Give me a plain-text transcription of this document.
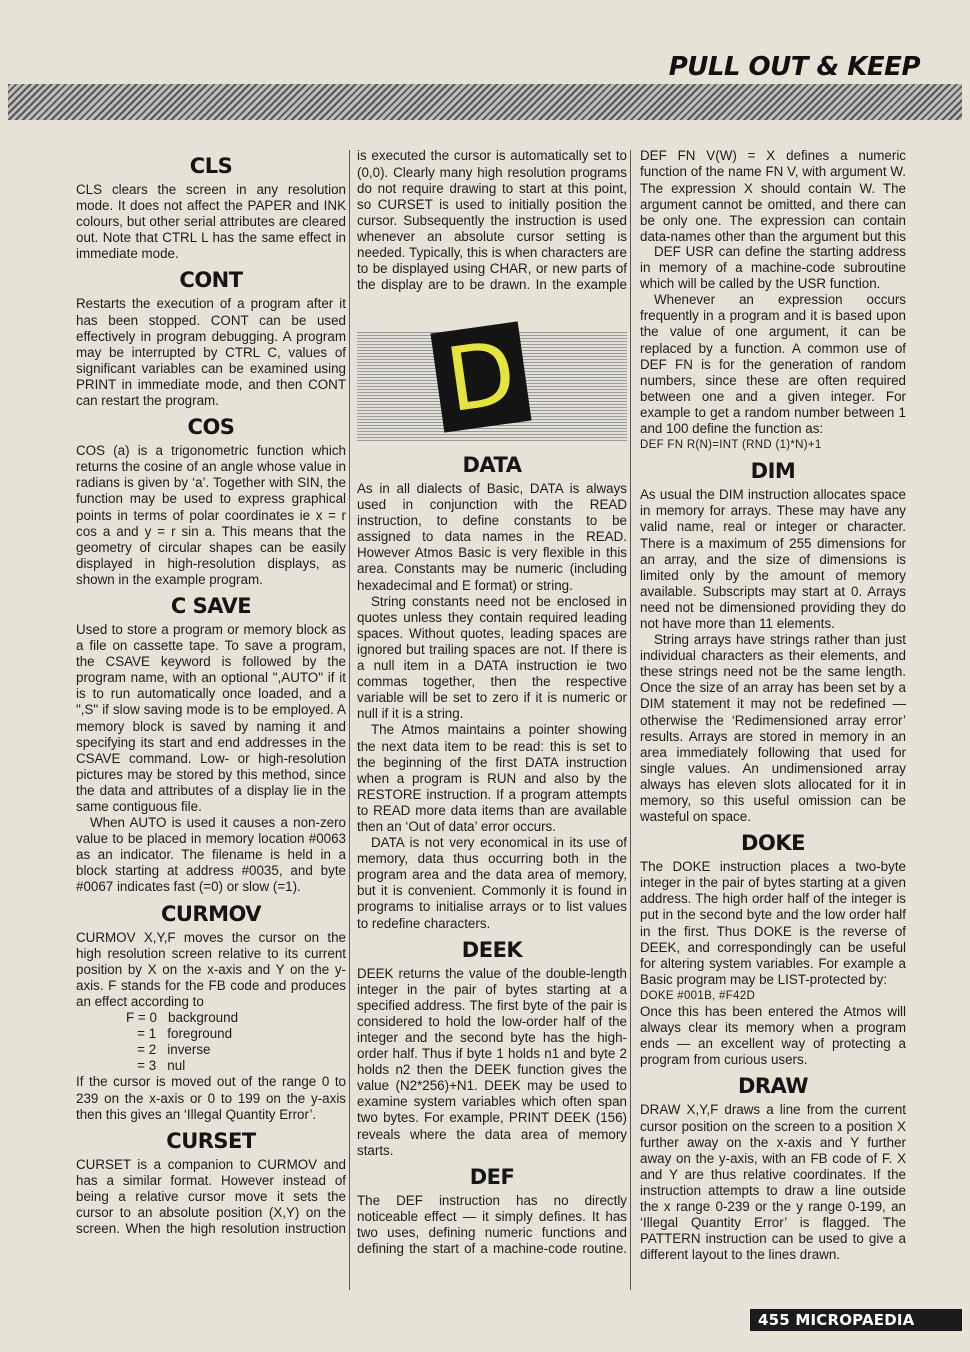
PULL OUT & KEEP
CLS

CLS clears the screen in any resolution mode. It does not affect the PAPER and INK colours, but other serial attributes are cleared out. Note that CTRL L has the same effect in immediate mode.

CONT

Restarts the execution of a program after it has been stopped. CONT can be used effectively in program debugging. A program may be interrupted by CTRL C, values of significant variables can be examined using PRINT in immediate mode, and then CONT can restart the program.

COS

COS (a) is a trigonometric function which returns the cosine of an angle whose value in radians is given by ‘a’. Together with SIN, the function may be used to express graphical points in terms of polar coordinates ie x = r cos a and y = r sin a. This means that the geometry of circular shapes can be easily displayed in high-resolution displays, as shown in the example program.

C SAVE

Used to store a program or memory block as a file on cassette tape. To save a program, the CSAVE keyword is followed by the program name, with an optional ",AUTO" if it is to run automatically once loaded, and a ",S" if slow saving mode is to be employed. A memory block is saved by naming it and specifying its start and end addresses in the CSAVE command. Low- or high-resolution pictures may be stored by this method, since the data and attributes of a display lie in the same contiguous file.

When AUTO is used it causes a non-zero value to be placed in memory location #0063 as an indicator. The filename is held in a block starting at address #0035, and byte #0067 indicates fast (=0) or slow (=1).

CURMOV

CURMOV X,Y,F moves the cursor on the high resolution screen relative to its current position by X on the x-axis and Y on the y-axis. F stands for the FB code and produces an effect according to

F = 0   background
= 1   foreground
= 2   inverse
= 3   nul

If the cursor is moved out of the range 0 to 239 on the x-axis or 0 to 199 on the y-axis then this gives an ‘Illegal Quantity Error’.

CURSET

CURSET is a companion to CURMOV and has a similar format. However instead of being a relative cursor move it sets the cursor to an absolute position (X,Y) on the screen. When the high resolution instruction

is executed the cursor is automatically set to (0,0). Clearly many high resolution programs do not require drawing to start at this point, so CURSET is used to initially position the cursor. Subsequently the instruction is used whenever an absolute cursor setting is needed. Typically, this is when characters are to be displayed using CHAR, or new parts of the display are to be drawn. In the example

D
DATA

As in all dialects of Basic, DATA is always used in conjunction with the READ instruction, to define constants to be assigned to data names in the READ. However Atmos Basic is very flexible in this area. Constants may be numeric (including hexadecimal and E format) or string.

String constants need not be enclosed in quotes unless they contain required leading spaces. Without quotes, leading spaces are ignored but trailing spaces are not. If there is a null item in a DATA instruction ie two commas together, then the respective variable will be set to zero if it is numeric or null if it is a string.

The Atmos maintains a pointer showing the next data item to be read: this is set to the beginning of the first DATA instruction when a program is RUN and also by the RESTORE instruction. If a program attempts to READ more data items than are available then an ‘Out of data’ error occurs.

DATA is not very economical in its use of memory, data thus occurring both in the program area and the data area of memory, but it is convenient. Commonly it is found in programs to initialise arrays or to list values to redefine characters.

DEEK

DEEK returns the value of the double-length integer in the pair of bytes starting at a specified address. The first byte of the pair is considered to hold the low-order half of the integer and the second byte has the high-order half. Thus if byte 1 holds n1 and byte 2 holds n2 then the DEEK function gives the value (N2*256)+N1. DEEK may be used to examine system variables which often span two bytes. For example, PRINT DEEK (156) reveals where the data area of memory starts.

DEF

The DEF instruction has no directly noticeable effect — it simply defines. It has two uses, defining numeric functions and defining the start of a machine-code routine.

DEF FN V(W) = X defines a numeric function of the name FN V, with argument W. The expression X should contain W. The argument cannot be omitted, and there can be only one. The expression can contain data-names other than the argument but this

DEF USR can define the starting address in memory of a machine-code subroutine which will be called by the USR function.

Whenever an expression occurs frequently in a program and it is based upon the value of one argument, it can be replaced by a function. A common use of DEF FN is for the generation of random numbers, since these are often required between one and a given integer. For example to get a random number between 1 and 100 define the function as:

DEF FN R(N)=INT (RND (1)*N)+1

DIM

As usual the DIM instruction allocates space in memory for arrays. These may have any valid name, real or integer or character. There is a maximum of 255 dimensions for an array, and the size of dimensions is limited only by the amount of memory available. Subscripts may start at 0. Arrays need not be dimensioned providing they do not have more than 11 elements.

String arrays have strings rather than just individual characters as their elements, and these strings need not be the same length. Once the size of an array has been set by a DIM statement it may not be redefined — otherwise the ‘Redimensioned array error’ results. Arrays are stored in memory in an area immediately following that used for single values. An undimensioned array always has eleven slots allocated for it in memory, so this useful omission can be wasteful on space.

DOKE

The DOKE instruction places a two-byte integer in the pair of bytes starting at a given address. The high order half of the integer is put in the second byte and the low order half in the first. Thus DOKE is the reverse of DEEK, and correspondingly can be useful for altering system variables. For example a Basic program may be LIST-protected by:

DOKE #001B, #F42D

Once this has been entered the Atmos will always clear its memory when a program ends — an excellent way of protecting a program from curious users.

DRAW

DRAW X,Y,F draws a line from the current cursor position on the screen to a position X further away on the x-axis and Y further away on the y-axis, with an FB code of F. X and Y are thus relative coordinates. If the instruction attempts to draw a line outside the x range 0-239 or the y range 0-199, an ‘Illegal Quantity Error’ is flagged. The PATTERN instruction can be used to give a different layout to the lines drawn.

455 MICROPAEDIA
